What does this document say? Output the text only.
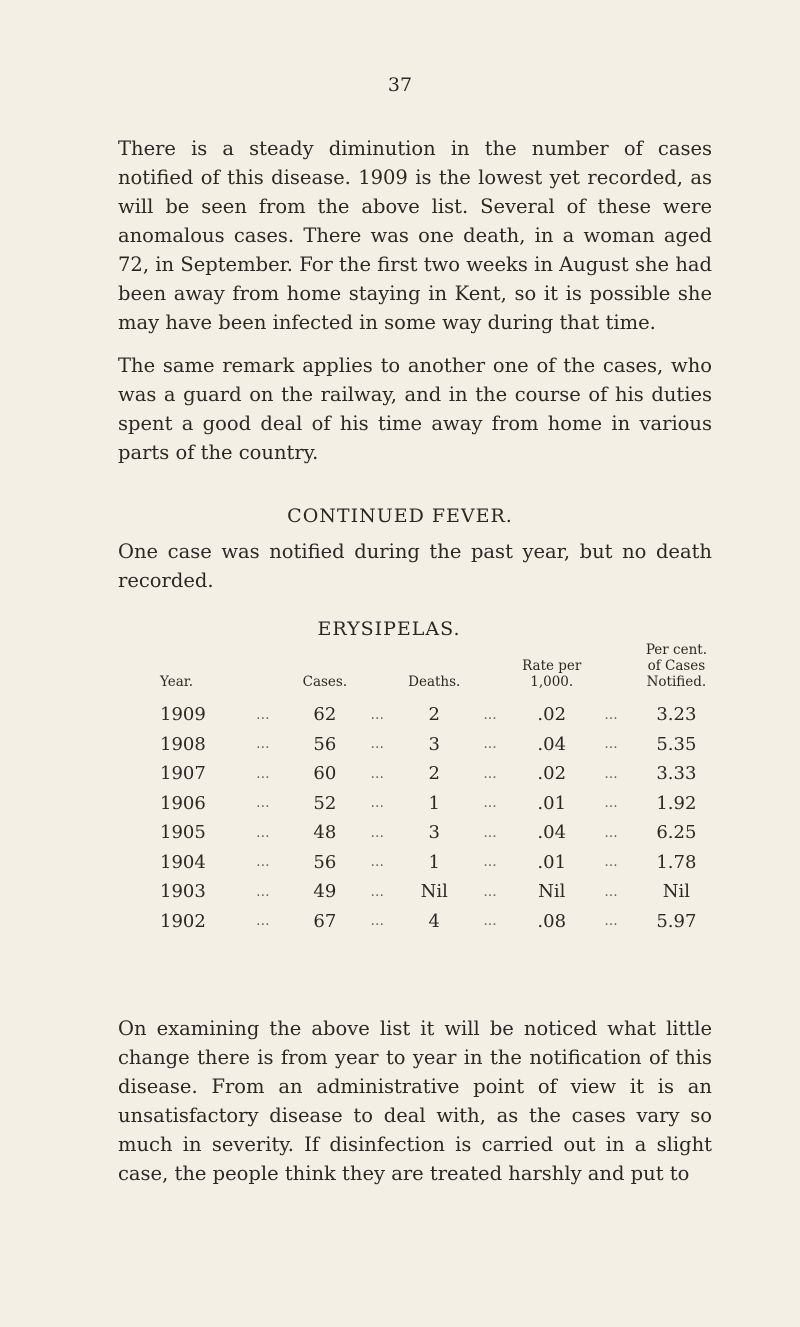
37

There is a steady diminution in the number of cases notified of this disease. 1909 is the lowest yet recorded, as will be seen from the above list. Several of these were anomalous cases. There was one death, in a woman aged 72, in September. For the first two weeks in August she had been away from home staying in Kent, so it is possible she may have been infected in some way during that time.

The same remark applies to another one of the cases, who was a guard on the railway, and in the course of his duties spent a good deal of his time away from home in various parts of the country.

CONTINUED FEVER.

One case was notified during the past year, but no death recorded.

ERYSIPELAS.
Year.		Cases.		Deaths.		Rate per 1,000.		Per cent. of Cases Notified.
1909	...	62	...	2	...	.02	...	3.23
1908	...	56	...	3	...	.04	...	5.35
1907	...	60	...	2	...	.02	...	3.33
1906	...	52	...	1	...	.01	...	1.92
1905	...	48	...	3	...	.04	...	6.25
1904	...	56	...	1	...	.01	...	1.78
1903	...	49	...	Nil	...	Nil	...	Nil
1902	...	67	...	4	...	.08	...	5.97

On examining the above list it will be noticed what little change there is from year to year in the notification of this disease. From an administrative point of view it is an unsatisfactory disease to deal with, as the cases vary so much in severity. If disinfection is carried out in a slight case, the people think they are treated harshly and put to
